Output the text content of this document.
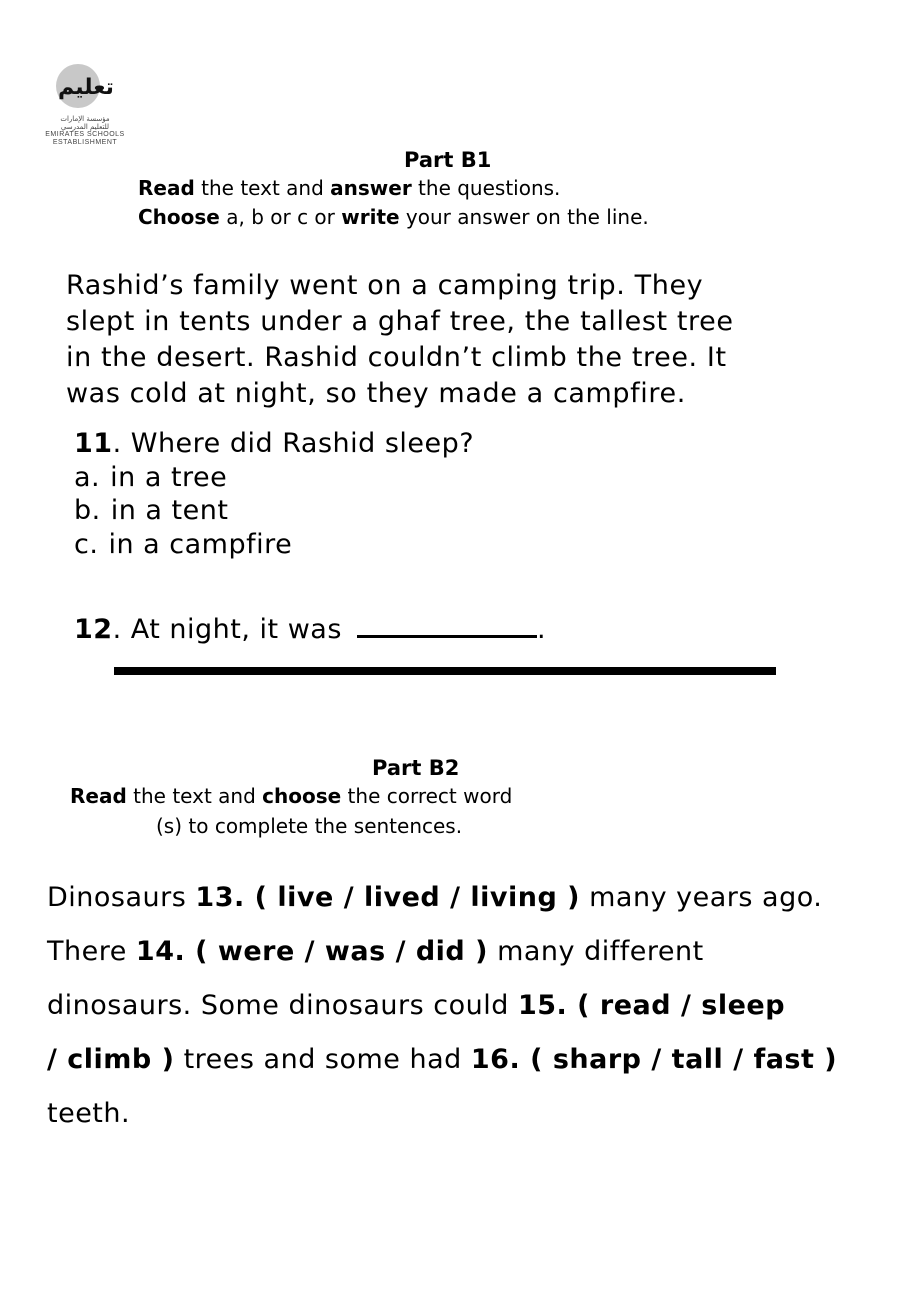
تعليم
مؤسسة الإمارات
للتعليم المدرسي
EMIRATES SCHOOLS
ESTABLISHMENT
Part B1
Read the text and answer the questions.
Choose a, b or c or write your answer on the line.
Rashid’s family went on a camping trip. They
slept in tents under a ghaf tree, the tallest tree
in the desert. Rashid couldn’t climb the tree. It
was cold at night, so they made a campfire.
11. Where did Rashid sleep?
a. in a tree
b. in a tent
c. in a campfire
12. At night, it was	.
Part B2
Read the text and choose the correct word
(s) to complete the sentences.
Dinosaurs 13. ( live / lived / living ) many years ago.
There 14. ( were / was / did ) many different
dinosaurs. Some dinosaurs could 15. ( read / sleep
/ climb ) trees and some had 16. ( sharp / tall / fast )
teeth.
